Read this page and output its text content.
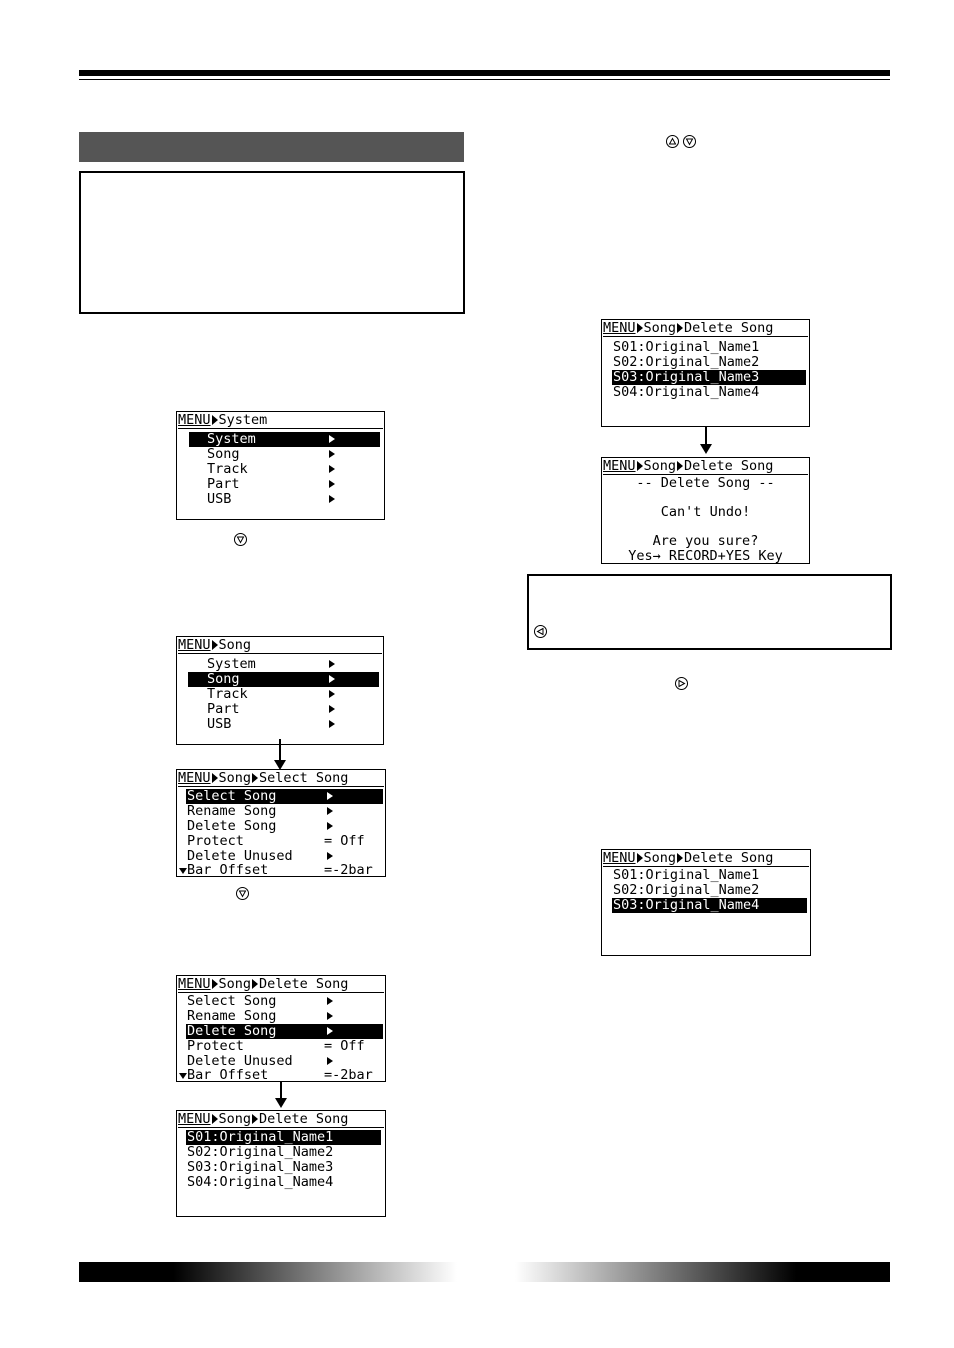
MENU System
System
Song
Track
Part
USB
MENU Song
System
Song
Track
Part
USB
MENU Song Select Song
Select Song
Rename Song
Delete Song
Protect	= Off
Delete Unused
Bar Offset	=-2bar
MENU Song Delete Song
Select Song
Rename Song
Delete Song
Protect	= Off
Delete Unused
Bar Offset	=-2bar
MENU Song Delete Song
S01:Original_Name1
S02:Original_Name2
S03:Original_Name3
S04:Original_Name4
MENU Song Delete Song
S01:Original_Name1
S02:Original_Name2
S03:Original_Name3
S04:Original_Name4
MENU Song Delete Song
-- Delete Song --
Can't Undo!
Are you sure?
Yes→ RECORD+YES Key
MENU Song Delete Song
S01:Original_Name1
S02:Original_Name2
S03:Original_Name4
